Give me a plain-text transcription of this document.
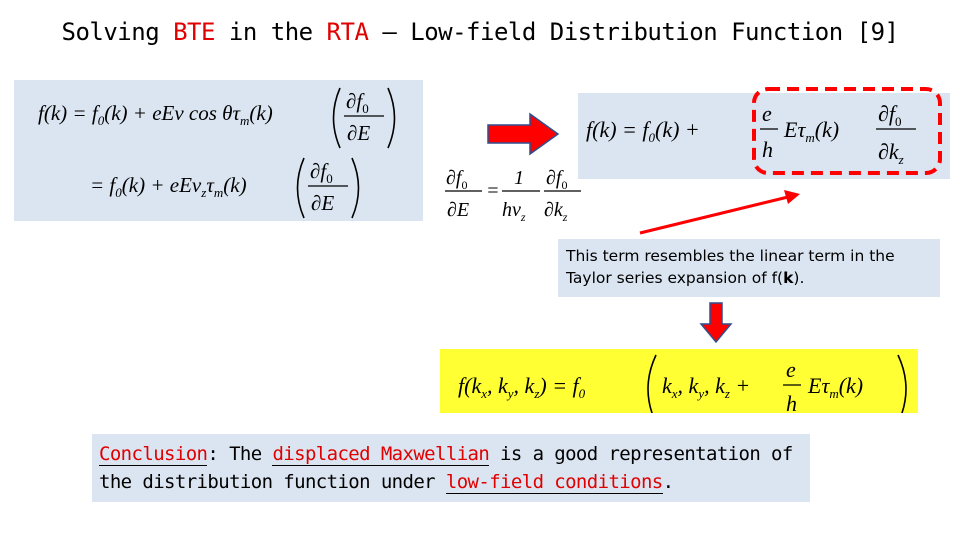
Solving BTE in the RTA – Low-field Distribution Function [9]
$f(k) = f_0(k)$ + eEv $\cos \theta\tau_m(k)$	$\partial f_0$
∂E
= $f_0(k) + eEv_z\tau_m(k)$
$\partial f_0$
∂E
$\partial f_0$
∂E
=
1
$hv_z$
$\partial f_0$
$\partial k_z$
$f(k) = f_0(k)$ +
e
h
$E\tau_m(k)$
$\partial f_0$
$\partial k_z$
This term resembles the linear term in the Taylor series expansion of f(k).
$f(k_x$, $k_y$, $k_z) = f_0$	$k_x$, $k_y$, $k_z$ +
e
h
$E\tau_m(k)$
Conclusion: The displaced Maxwellian is a good representation of the distribution function under low-field conditions.
